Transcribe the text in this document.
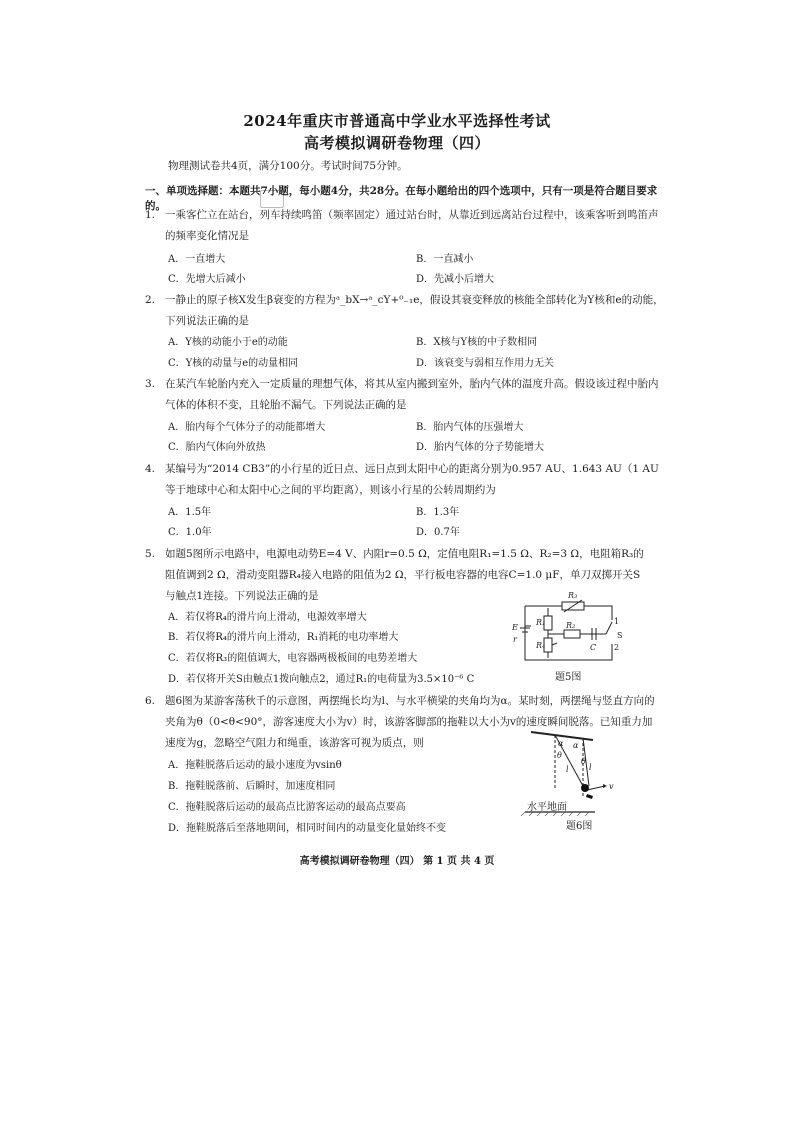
2024年重庆市普通高中学业水平选择性考试
高考模拟调研卷物理（四）
物理测试卷共4页，满分100分。考试时间75分钟。
一、单项选择题：本题共7小题，每小题4分，共28分。在每小题给出的四个选项中，只有一项是符合题目要求的。
1. 一乘客伫立在站台，列车持续鸣笛（频率固定）通过站台时，从靠近到远离站台过程中，该乘客听到鸣笛声
的频率变化情况是
A．一直增大	B．一直减小
C．先增大后减小	D．先减小后增大
2. 一静止的原子核X发生β衰变的方程为ᵃ_bX→ᵃ_cY+⁰₋₁e，假设其衰变释放的核能全部转化为Y核和e的动能，
下列说法正确的是
A．Y核的动能小于e的动能	B．X核与Y核的中子数相同
C．Y核的动量与e的动量相同	D．该衰变与弱相互作用力无关
3. 在某汽车轮胎内充入一定质量的理想气体，将其从室内搬到室外，胎内气体的温度升高。假设该过程中胎内
气体的体积不变，且轮胎不漏气。下列说法正确的是
A．胎内每个气体分子的动能都增大	B．胎内气体的压强增大
C．胎内气体向外放热	D．胎内气体的分子势能增大
4. 某编号为“2014 CB3”的小行星的近日点、远日点到太阳中心的距离分别为0.957 AU、1.643 AU（1 AU
等于地球中心和太阳中心之间的平均距离），则该小行星的公转周期约为
A．1.5年	B．1.3年
C．1.0年	D．0.7年
5. 如题5图所示电路中，电源电动势E=4 V、内阻r=0.5 Ω，定值电阻R₁=1.5 Ω、R₂=3 Ω，电阻箱R₃的
阻值调到2 Ω，滑动变阻器R₄接入电路的阻值为2 Ω，平行板电容器的电容C=1.0 μF，单刀双掷开关S
与触点1连接。下列说法正确的是
A．若仅将R₄的滑片向上滑动，电源效率增大
B．若仅将R₄的滑片向上滑动，R₁消耗的电功率增大
C．若仅将R₃的阻值调大，电容器两极板间的电势差增大
D．若仅将开关S由触点1拨向触点2，通过R₁的电荷量为3.5×10⁻⁶ C
R₃
R₁	R₂
R₄
E
r
C
S
1
2
题5图
6. 题6图为某游客荡秋千的示意图，两摆绳长均为l、与水平横梁的夹角均为α。某时刻，两摆绳与竖直方向的
夹角为θ（0<θ<90°，游客速度大小为v）时，该游客脚部的拖鞋以大小为v的速度瞬间脱落。已知重力加
速度为g，忽略空气阻力和绳重，该游客可视为质点，则
A．拖鞋脱落后运动的最小速度为vsinθ
B．拖鞋脱落前、后瞬时，加速度相同
C．拖鞋脱落后运动的最高点比游客运动的最高点要高
D．拖鞋脱落后至落地期间，相同时间内的动量变化量始终不变
α α
θ
θ
l	l
v
水平地面
题6图
高考模拟调研卷物理（四） 第 1 页 共 4 页
